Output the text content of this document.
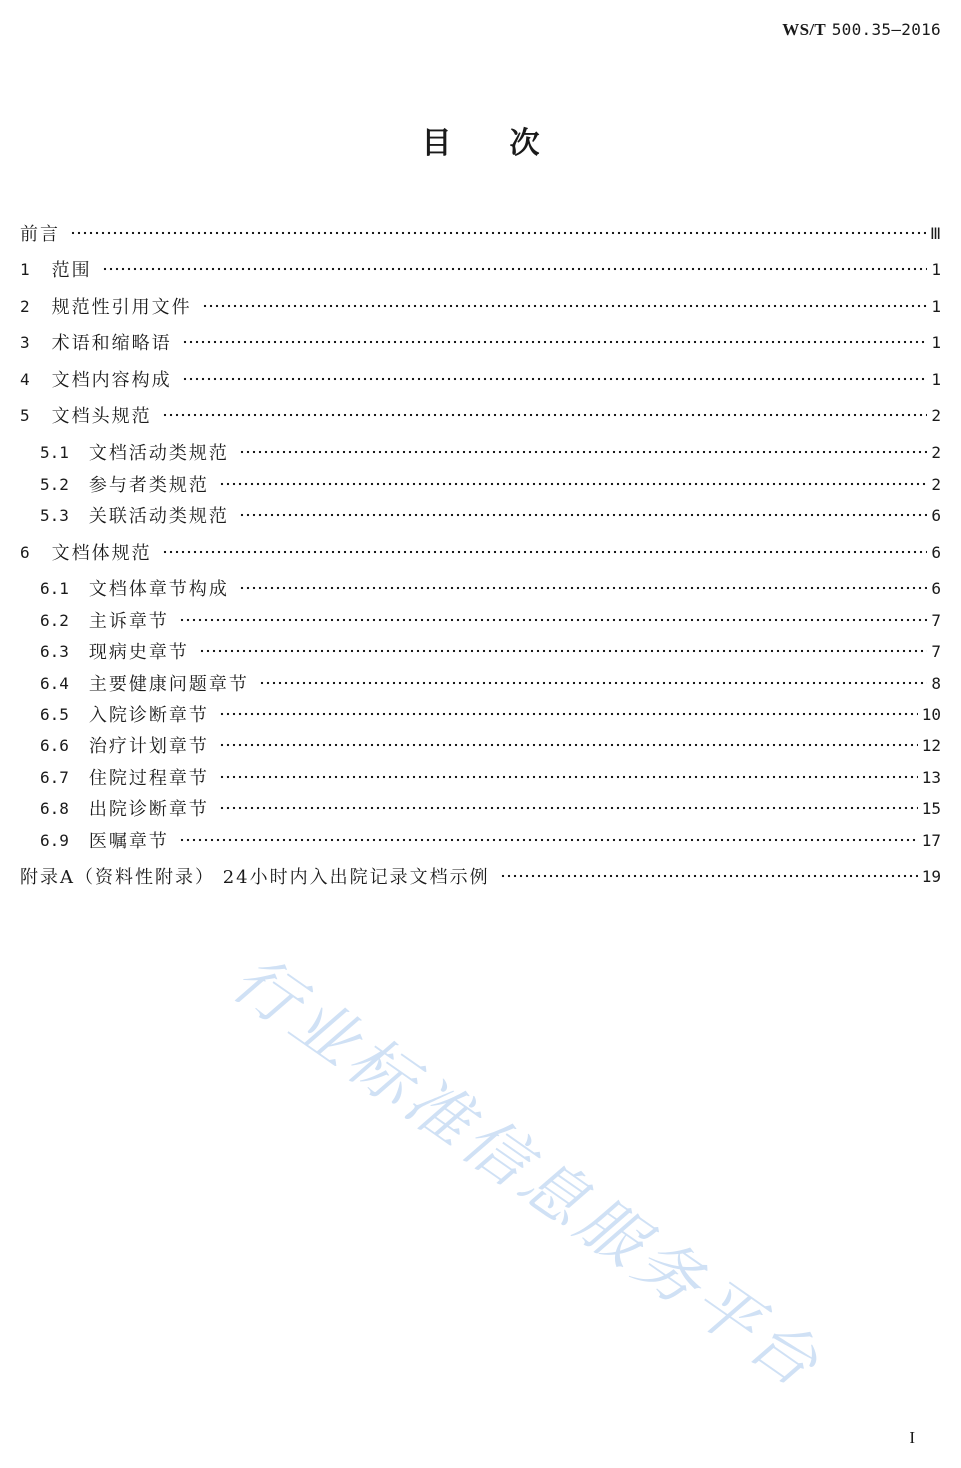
WS/T 500.35—2016
目次
前言	Ⅲ
1 范围	1
2 规范性引用文件	1
3 术语和缩略语	1
4 文档内容构成	1
5 文档头规范	2
5.1 文档活动类规范	2
5.2 参与者类规范	2
5.3 关联活动类规范	6
6 文档体规范	6
6.1 文档体章节构成	6
6.2 主诉章节	7
6.3 现病史章节	7
6.4 主要健康问题章节	8
6.5 入院诊断章节	10
6.6 治疗计划章节	12
6.7 住院过程章节	13
6.8 出院诊断章节	15
6.9 医嘱章节	17
附录A（资料性附录） 24小时内入出院记录文档示例	19
行业标准信息服务平台
I
